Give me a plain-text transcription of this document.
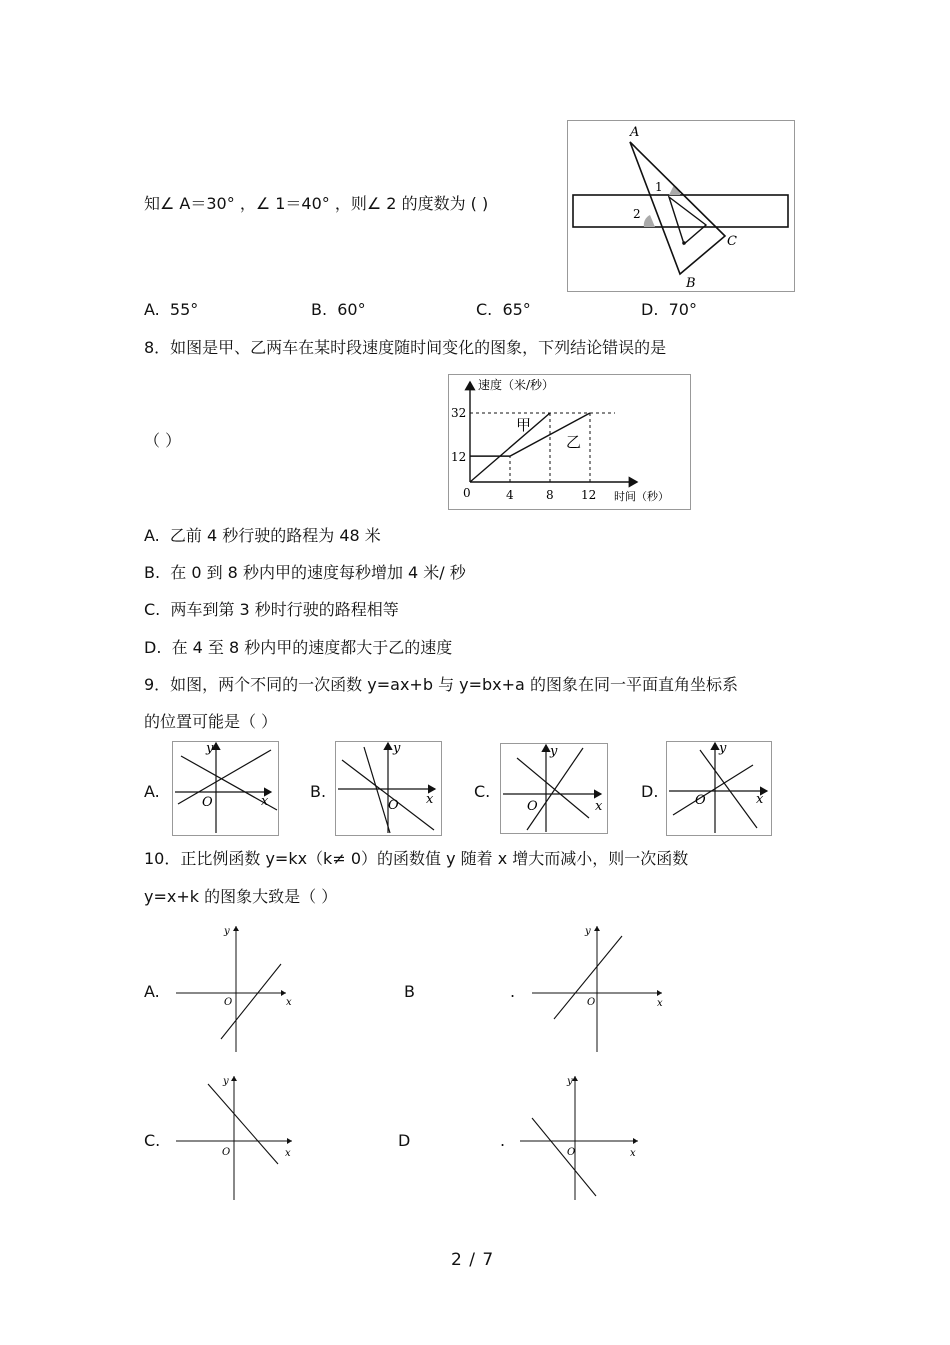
知∠ A＝30° ，∠ 1＝40° ，则∠ 2 的度数为 ( )
A
B
C
1
2
A. 55°	B. 60°	C. 65°	D. 70°
8．如图是甲、乙两车在某时段速度随时间变化的图象，下列结论错误的是
（ ）
速度（米/秒）
时间（秒）
32
12
0	4	8 12
甲
乙
A. 乙前 4 秒行驶的路程为 48 米
B. 在 0 到 8 秒内甲的速度每秒增加 4 米/ 秒
C. 两车到第 3 秒时行驶的路程相等
D. 在 4 至 8 秒内甲的速度都大于乙的速度
9．如图，两个不同的一次函数 y=ax+b 与 y=bx+a 的图象在同一平面直角坐标系
的位置可能是（ ）
A.
y
x
O
B.
y
x
O
C.
y
x
O
D.
y
x
O
10．正比例函数 y=kx（k≠ 0）的函数值 y 随着 x 增大而减小，则一次函数
y=x+k 的图象大致是（ ）
A.
y
x
O
B	.
y
x
O
C.
y
x
O
D	.
y
x
O
2 / 7
